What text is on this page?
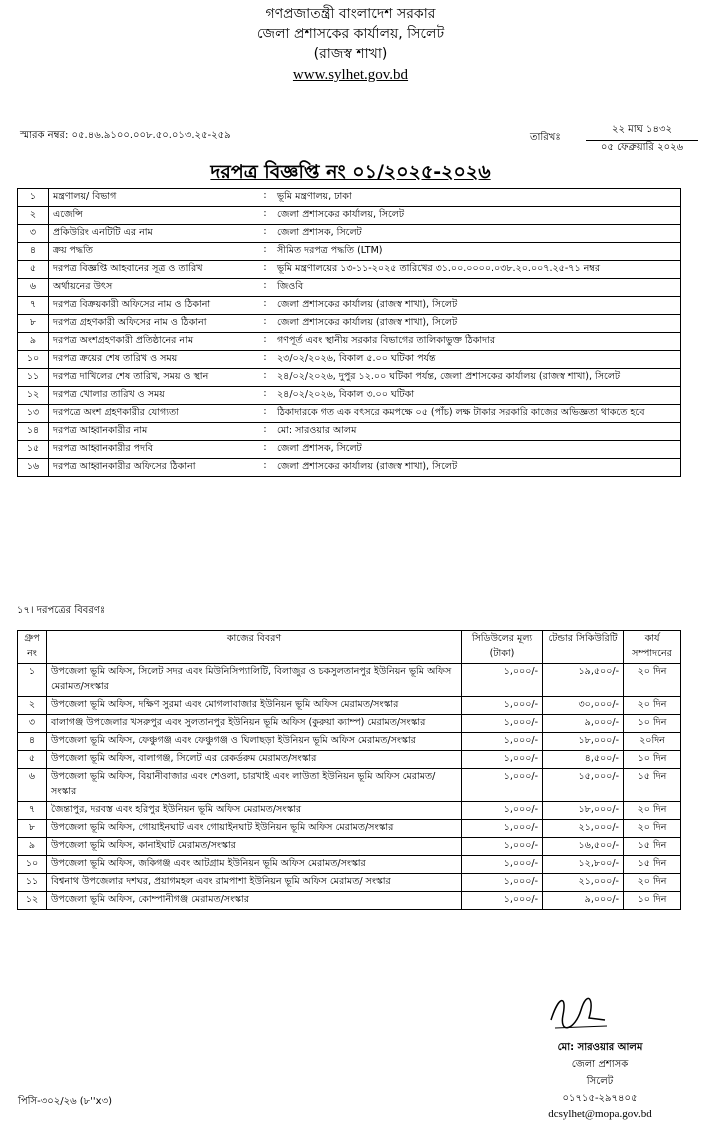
গণপ্রজাতন্ত্রী বাংলাদেশ সরকার
জেলা প্রশাসকের কার্যালয়, সিলেট
(রাজস্ব শাখা)
www.sylhet.gov.bd
স্মারক নম্বর: ০৫.৪৬.৯১০০.০০৮.৫০.০১৩.২৫-২৫৯	তারিখঃ
২২ মাঘ ১৪৩২
০৫ ফেব্রুয়ারি ২০২৬
দরপত্র বিজ্ঞপ্তি নং ০১/২০২৫-২০২৬
১	মন্ত্রণালয়/ বিভাগ	:	ভূমি মন্ত্রণালয়, ঢাকা
২	এজেন্সি	:	জেলা প্রশাসকের কার্যালয়, সিলেট
৩	প্রকিউরিং এনটিটি এর নাম	:	জেলা প্রশাসক, সিলেট
৪	ক্রয় পদ্ধতি	:	সীমিত দরপত্র পদ্ধতি (LTM)
৫	দরপত্র বিজ্ঞপ্তি আহবানের সূত্র ও তারিখ	:	ভূমি মন্ত্রণালয়ের ১৩-১১-২০২৫ তারিখের ৩১.০০.০০০০.০৩৮.২০.০০৭.২৫-৭১ নম্বর
৬	অর্থায়নের উৎস	:	জিওবি
৭	দরপত্র বিক্রয়কারী অফিসের নাম ও ঠিকানা	:	জেলা প্রশাসকের কার্যালয় (রাজস্ব শাখা), সিলেট
৮	দরপত্র গ্রহণকারী অফিসের নাম ও ঠিকানা	:	জেলা প্রশাসকের কার্যালয় (রাজস্ব শাখা), সিলেট
৯	দরপত্র অংশগ্রহণকারী প্রতিষ্ঠানের নাম	:	গণপূর্ত এবং স্থানীয় সরকার বিভাগের তালিকাভুক্ত ঠিকাদার
১০	দরপত্র ক্রয়ের শেষ তারিখ ও সময়	:	২৩/০২/২০২৬, বিকাল ৫.০০ ঘটিকা পর্যন্ত
১১	দরপত্র দাখিলের শেষ তারিখ, সময় ও স্থান	:	২৪/০২/২০২৬, দুপুর ১২.০০ ঘটিকা পর্যন্ত, জেলা প্রশাসকের কার্যালয় (রাজস্ব শাখা), সিলেট
১২	দরপত্র খোলার তারিখ ও সময়	:	২৪/০২/২০২৬, বিকাল ৩.০০ ঘটিকা
১৩	দরপত্রে অংশ গ্রহণকারীর যোগ্যতা	:	ঠিকাদারকে গত এক বৎসরে কমপক্ষে ০৫ (পাঁচ) লক্ষ টাকার সরকারি কাজের অভিজ্ঞতা থাকতে হবে
১৪	দরপত্র আহ্বানকারীর নাম	:	মো: সারওয়ার আলম
১৫	দরপত্র আহ্বানকারীর পদবি	:	জেলা প্রশাসক, সিলেট
১৬	দরপত্র আহ্বানকারীর অফিসের ঠিকানা	:	জেলা প্রশাসকের কার্যালয় (রাজস্ব শাখা), সিলেট
১৭। দরপত্রের বিবরণঃ
গ্রুপ নং	কাজের বিবরণ	সিডিউলের মূল্য (টাকা)	টেন্ডার সিকিউরিটি	কার্য সম্পাদনের
১	উপজেলা ভূমি অফিস, সিলেট সদর এবং মিউনিসিপ্যালিটি, বিলাজুর ও চকসুলতানপুর ইউনিয়ন ভূমি অফিস মেরামত/সংস্কার	১,০০০/-	১৯,৫০০/-	২০ দিন
২	উপজেলা ভূমি অফিস, দক্ষিণ সুরমা এবং মোগলাবাজার ইউনিয়ন ভূমি অফিস মেরামত/সংস্কার	১,০০০/-	৩০,০০০/-	২০ দিন
৩	বালাগঞ্জ উপজেলার খসরুপুর এবং সুলতানপুর ইউনিয়ন ভূমি অফিস (কুরুয়া ক্যাম্প) মেরামত/সংস্কার	১,০০০/-	৯,০০০/-	১০ দিন
৪	উপজেলা ভূমি অফিস, ফেঞ্চুগঞ্জ এবং ফেঞ্চুগঞ্জ ও ঘিলাছড়া ইউনিয়ন ভূমি অফিস মেরামত/সংস্কার	১,০০০/-	১৮,০০০/-	২০দিন
৫	উপজেলা ভূমি অফিস, বালাগঞ্জ, সিলেট এর রেকর্ডরুম মেরামত/সংস্কার	১,০০০/-	৪,৫০০/-	১০ দিন
৬	উপজেলা ভূমি অফিস, বিয়ানীবাজার এবং শেওলা, চারখাই এবং লাউতা ইউনিয়ন ভূমি অফিস মেরামত/সংস্কার	১,০০০/-	১৫,০০০/-	১৫ দিন
৭	জৈন্তাপুর, দরবস্ত এবং হরিপুর ইউনিয়ন ভূমি অফিস মেরামত/সংস্কার	১,০০০/-	১৮,০০০/-	২০ দিন
৮	উপজেলা ভূমি অফিস, গোয়াইনঘাট এবং গোয়াইনঘাট ইউনিয়ন ভূমি অফিস মেরামত/সংস্কার	১,০০০/-	২১,০০০/-	২০ দিন
৯	উপজেলা ভূমি অফিস, কানাইঘাট মেরামত/সংস্কার	১,০০০/-	১৬,৫০০/-	১৫ দিন
১০	উপজেলা ভূমি অফিস, জকিগঞ্জ এবং আটগ্রাম ইউনিয়ন ভূমি অফিস মেরামত/সংস্কার	১,০০০/-	১২,৮০০/-	১৫ দিন
১১	বিশ্বনাথ উপজেলার দশঘর, প্রয়াগমহল এবং রামপাশা ইউনিয়ন ভূমি অফিস মেরামত/ সংস্কার	১,০০০/-	২১,০০০/-	২০ দিন
১২	উপজেলা ভূমি অফিস, কোম্পানীগঞ্জ মেরামত/সংস্কার	১,০০০/-	৯,০০০/-	১০ দিন
মো: সারওয়ার আলম
জেলা প্রশাসক
সিলেট
০১৭১৫-২৯৭৪০৫
dcsylhet@mopa.gov.bd
পিসি-৩০২/২৬ (৮''x৩)
